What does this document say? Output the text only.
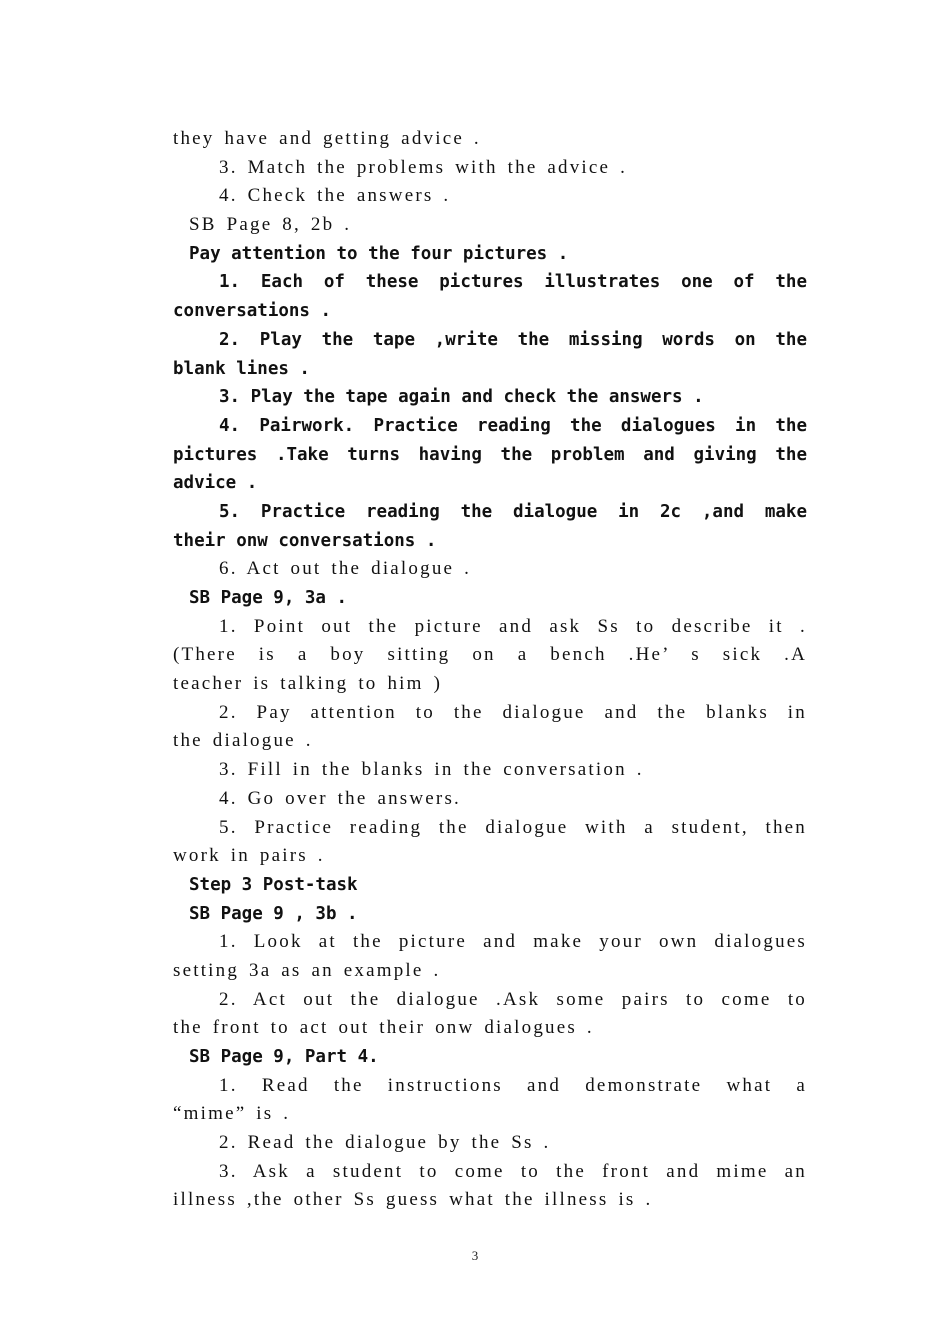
they have and getting advice .
3. Match the problems with the advice .
4. Check the answers .
SB Page 8, 2b .
Pay attention to the four pictures .
1. Each of these pictures illustrates one of the
conversations .
2. Play the tape ,write the missing words on the
blank lines .
3. Play the tape again and check the answers .
4. Pairwork. Practice reading the dialogues in the
pictures .Take turns having the problem and giving the
advice .
5. Practice reading the dialogue in 2c ,and make
their onw conversations .
6. Act out the dialogue .
SB Page 9, 3a .
1. Point out the picture and ask Ss to describe it .
(There is a boy sitting on a bench .He’ s sick .A
teacher is talking to him )
2. Pay attention to the dialogue and the blanks in
the dialogue .
3. Fill in the blanks in the conversation .
4. Go over the answers.
5. Practice reading the dialogue with a student, then
work in pairs .
Step 3 Post-task
SB Page 9 , 3b .
1. Look at the picture and make your own dialogues
setting 3a as an example .
2. Act out the dialogue .Ask some pairs to come to
the front to act out their onw dialogues .
SB Page 9, Part 4.
1. Read the instructions and demonstrate what a
“mime” is .
2. Read the dialogue by the Ss .
3. Ask a student to come to the front and mime an
illness ,the other Ss guess what the illness is .
3
